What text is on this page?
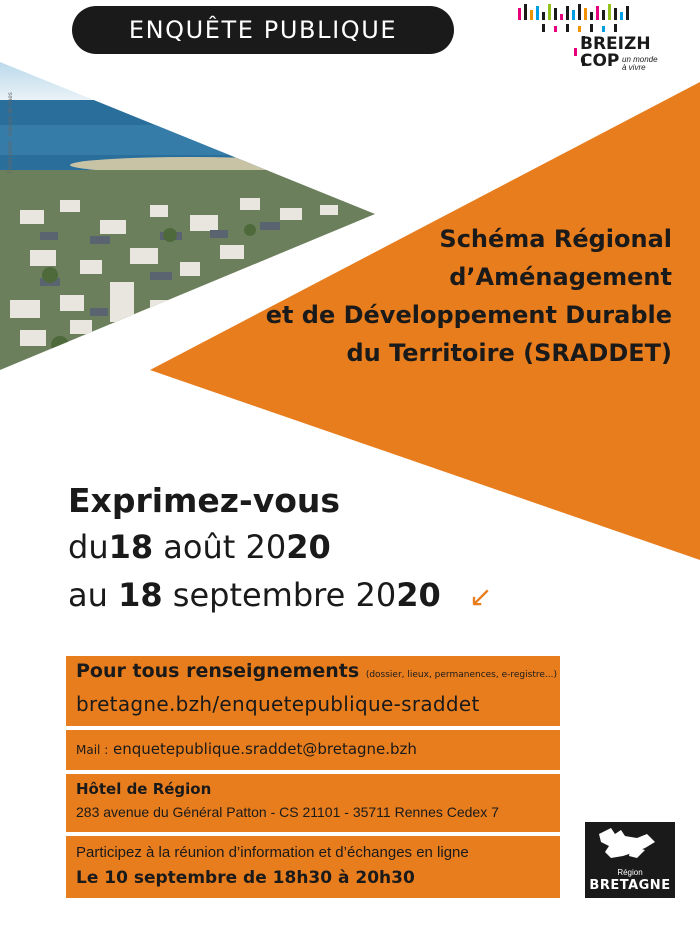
Crédit photo : Auteurs de Vues
ENQUÊTE PUBLIQUE	BREIZH
COP un monde
à vivre
Schéma Régional
d’Aménagement
et de Développement Durable
du Territoire (SRADDET)
Exprimez-vous
du18 août 2020
au 18 septembre 2020 ↙
Pour tous renseignements (dossier, lieux, permanences, e-registre...)
bretagne.bzh/enquetepublique-sraddet
Mail : enquetepublique.sraddet@bretagne.bzh
Hôtel de Région
283 avenue du Général Patton - CS 21101 - 35711 Rennes Cedex 7
Participez à la réunion d’information et d’échanges en ligne
Le 10 septembre de 18h30 à 20h30	Région
BRETAGNE
